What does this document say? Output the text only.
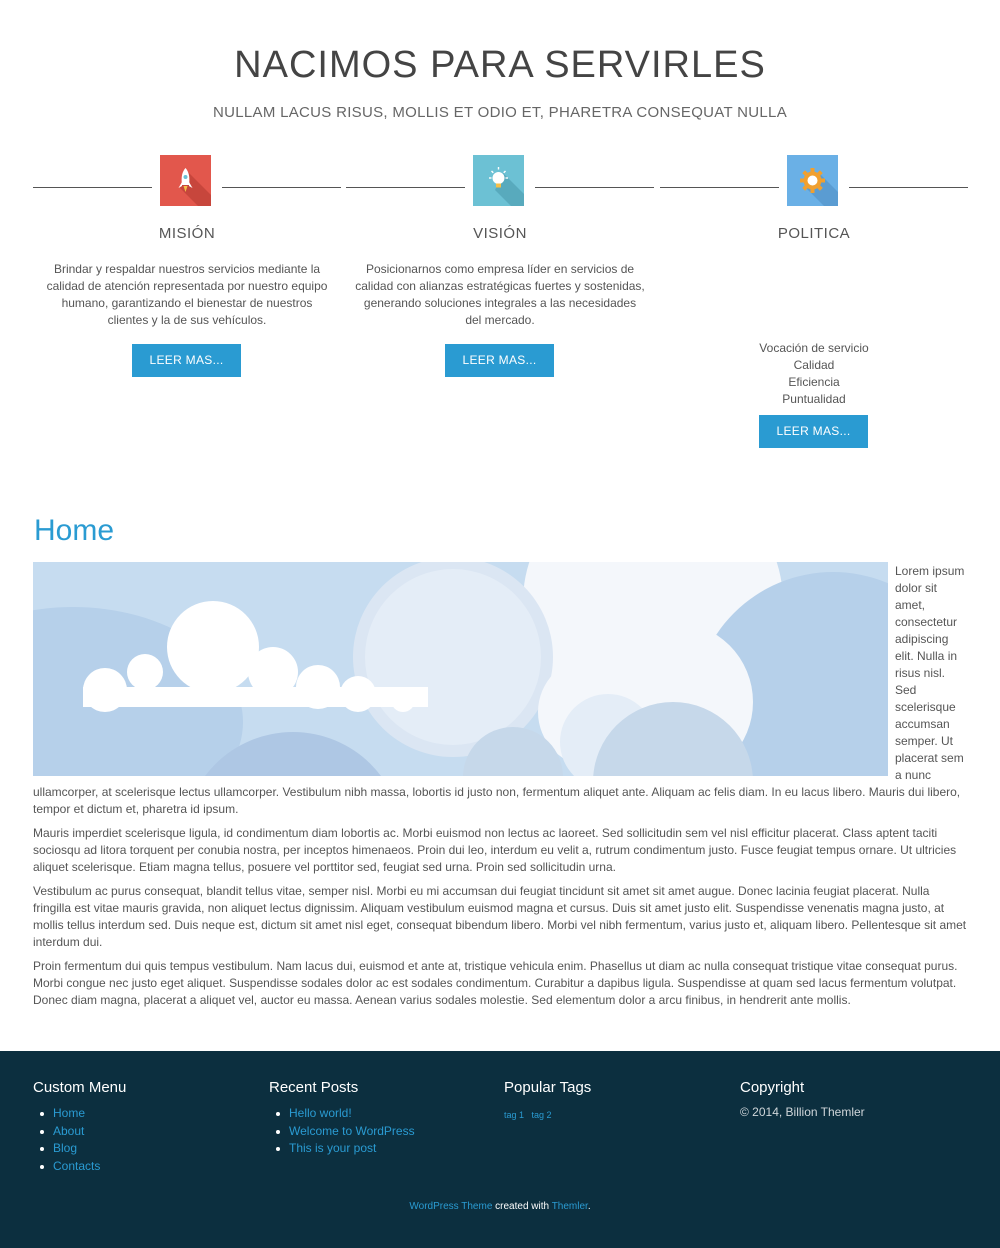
NACIMOS PARA SERVIRLES
NULLAM LACUS RISUS, MOLLIS ET ODIO ET, PHARETRA CONSEQUAT NULLA
MISIÓN
Brindar y respaldar nuestros servicios mediante la calidad de atención representada por nuestro equipo humano, garantizando el bienestar de nuestros clientes y la de sus vehículos.
LEER MAS...
VISIÓN
Posicionarnos como empresa líder en servicios de calidad con alianzas estratégicas fuertes y sostenidas, generando soluciones integrales a las necesidades del mercado.
LEER MAS...
POLITICA
Vocación de servicio
Calidad
Eficiencia
Puntualidad
LEER MAS...
Home

Lorem ipsum dolor sit amet, consectetur adipiscing elit. Nulla in risus nisl. Sed scelerisque accumsan semper. Ut placerat sem a nunc ullamcorper, at scelerisque lectus ullamcorper. Vestibulum nibh massa, lobortis id justo non, fermentum aliquet ante. Aliquam ac felis diam. In eu lacus libero. Mauris dui libero, tempor et dictum et, pharetra id ipsum.

Mauris imperdiet scelerisque ligula, id condimentum diam lobortis ac. Morbi euismod non lectus ac laoreet. Sed sollicitudin sem vel nisl efficitur placerat. Class aptent taciti sociosqu ad litora torquent per conubia nostra, per inceptos himenaeos. Proin dui leo, interdum eu velit a, rutrum condimentum justo. Fusce feugiat tempus ornare. Ut ultricies aliquet scelerisque. Etiam magna tellus, posuere vel porttitor sed, feugiat sed urna. Proin sed sollicitudin urna.

Vestibulum ac purus consequat, blandit tellus vitae, semper nisl. Morbi eu mi accumsan dui feugiat tincidunt sit amet sit amet augue. Donec lacinia feugiat placerat. Nulla fringilla est vitae mauris gravida, non aliquet lectus dignissim. Aliquam vestibulum euismod magna et cursus. Duis sit amet justo elit. Suspendisse venenatis magna justo, at mollis tellus interdum sed. Duis neque est, dictum sit amet nisl eget, consequat bibendum libero. Morbi vel nibh fermentum, varius justo et, aliquam libero. Pellentesque sit amet interdum dui.

Proin fermentum dui quis tempus vestibulum. Nam lacus dui, euismod et ante at, tristique vehicula enim. Phasellus ut diam ac nulla consequat tristique vitae consequat purus. Morbi congue nec justo eget aliquet. Suspendisse sodales dolor ac est sodales condimentum. Curabitur a dapibus ligula. Suspendisse at quam sed lacus fermentum volutpat. Donec diam magna, placerat a aliquet vel, auctor eu massa. Aenean varius sodales molestie. Sed elementum dolor a arcu finibus, in hendrerit ante mollis.

Custom Menu
Home
About
Blog
Contacts
Recent Posts
Hello world!
Welcome to WordPress
This is your post
Popular Tags
tag 1 tag 2
Copyright
© 2014, Billion Themler
WordPress Theme created with Themler.
